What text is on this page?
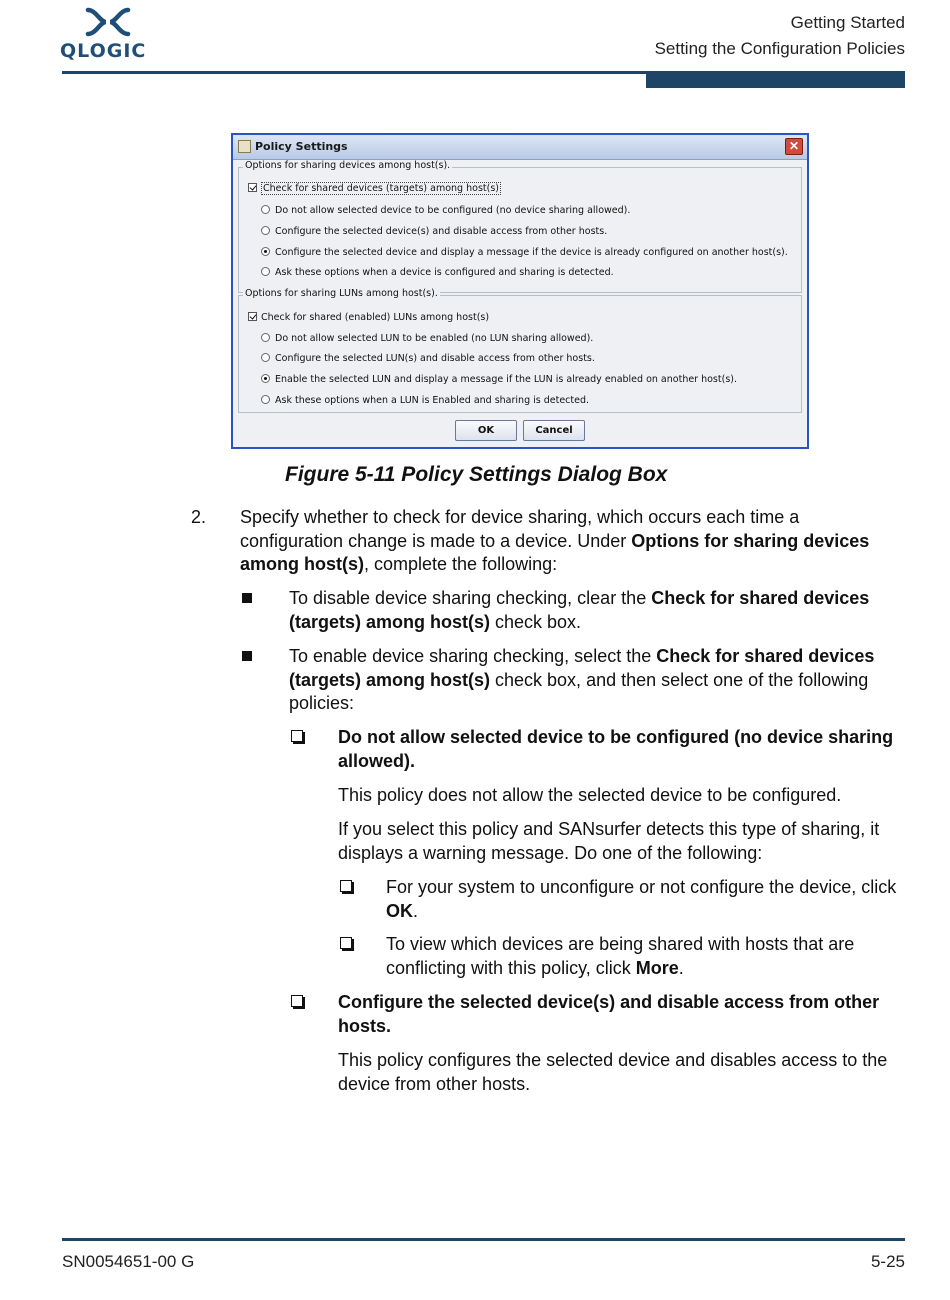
QLOGIC
Getting Started
Setting the Configuration Policies
Policy Settings	✕
Options for sharing devices among host(s).
Check for shared devices (targets) among host(s)
Do not allow selected device to be configured (no device sharing allowed).
Configure the selected device(s) and disable access from other hosts.
Configure the selected device and display a message if the device is already configured on another host(s).
Ask these options when a device is configured and sharing is detected.
Options for sharing LUNs among host(s).
Check for shared (enabled) LUNs among host(s)
Do not allow selected LUN to be enabled (no LUN sharing allowed).
Configure the selected LUN(s) and disable access from other hosts.
Enable the selected LUN and display a message if the LUN is already enabled on another host(s).
Ask these options when a LUN is Enabled and sharing is detected.
OK	Cancel
Figure 5-11 Policy Settings Dialog Box
2. Specify whether to check for device sharing, which occurs each time a configuration change is made to a device. Under Options for sharing devices among host(s), complete the following:
To disable device sharing checking, clear the Check for shared devices (targets) among host(s) check box.
To enable device sharing checking, select the Check for shared devices (targets) among host(s) check box, and then select one of the following policies:
Do not allow selected device to be configured (no device sharing allowed).
This policy does not allow the selected device to be configured.
If you select this policy and SANsurfer detects this type of sharing, it displays a warning message. Do one of the following:
For your system to unconfigure or not configure the device, click OK.
To view which devices are being shared with hosts that are conflicting with this policy, click More.
Configure the selected device(s) and disable access from other hosts.
This policy configures the selected device and disables access to the device from other hosts.
SN0054651-00 G	5-25
